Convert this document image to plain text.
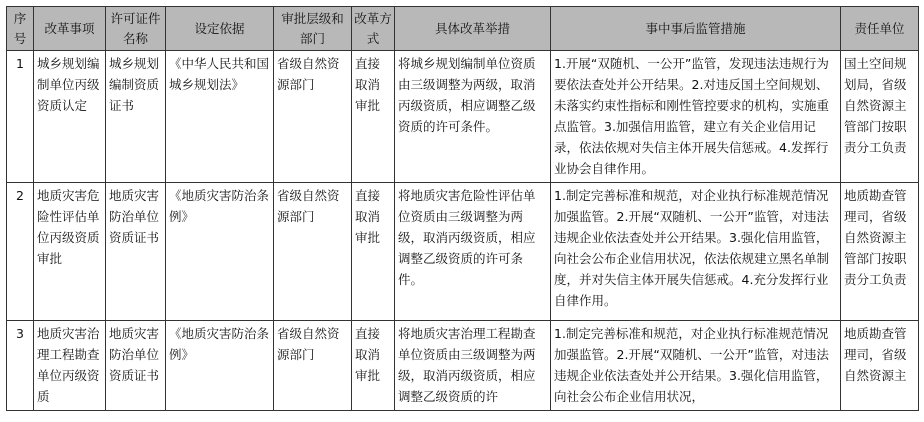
序号	改革事项	许可证件名称	设定依据	审批层级和部门	改革方式	具体改革举措	事中事后监管措施	责任单位
1	城乡规划编制单位丙级资质认定	城乡规划编制资质证书	《中华人民共和国城乡规划法》	省级自然资源部门	直接取消审批	将城乡规划编制单位资质由三级调整为两级，取消丙级资质，相应调整乙级资质的许可条件。	1.开展“双随机、一公开”监管，发现违法违规行为要依法查处并公开结果。2.对违反国土空间规划、未落实约束性指标和刚性管控要求的机构，实施重点监管。3.加强信用监管，建立有关企业信用记录，依法依规对失信主体开展失信惩戒。4.发挥行业协会自律作用。	国土空间规划局，省级自然资源主管部门按职责分工负责
2	地质灾害危险性评估单位丙级资质审批	地质灾害防治单位资质证书	《地质灾害防治条例》	省级自然资源部门	直接取消审批	将地质灾害危险性评估单位资质由三级调整为两级，取消丙级资质，相应调整乙级资质的许可条件。	1.制定完善标准和规范，对企业执行标准规范情况加强监管。2.开展“双随机、一公开”监管，对违法违规企业依法查处并公开结果。3.强化信用监管，向社会公布企业信用状况，依法依规建立黑名单制度，并对失信主体开展失信惩戒。4.充分发挥行业自律作用。	地质勘查管理司，省级自然资源主管部门按职责分工负责
3	地质灾害治理工程勘查单位丙级资质	地质灾害防治单位资质证书	《地质灾害防治条例》	省级自然资源部门	直接取消审批	将地质灾害治理工程勘查单位资质由三级调整为两级，取消丙级资质，相应调整乙级资质的许	1.制定完善标准和规范，对企业执行标准规范情况加强监管。2.开展“双随机、一公开”监管，对违法违规企业依法查处并公开结果。3.强化信用监管，向社会公布企业信用状况，	地质勘查管理司，省级自然资源主
